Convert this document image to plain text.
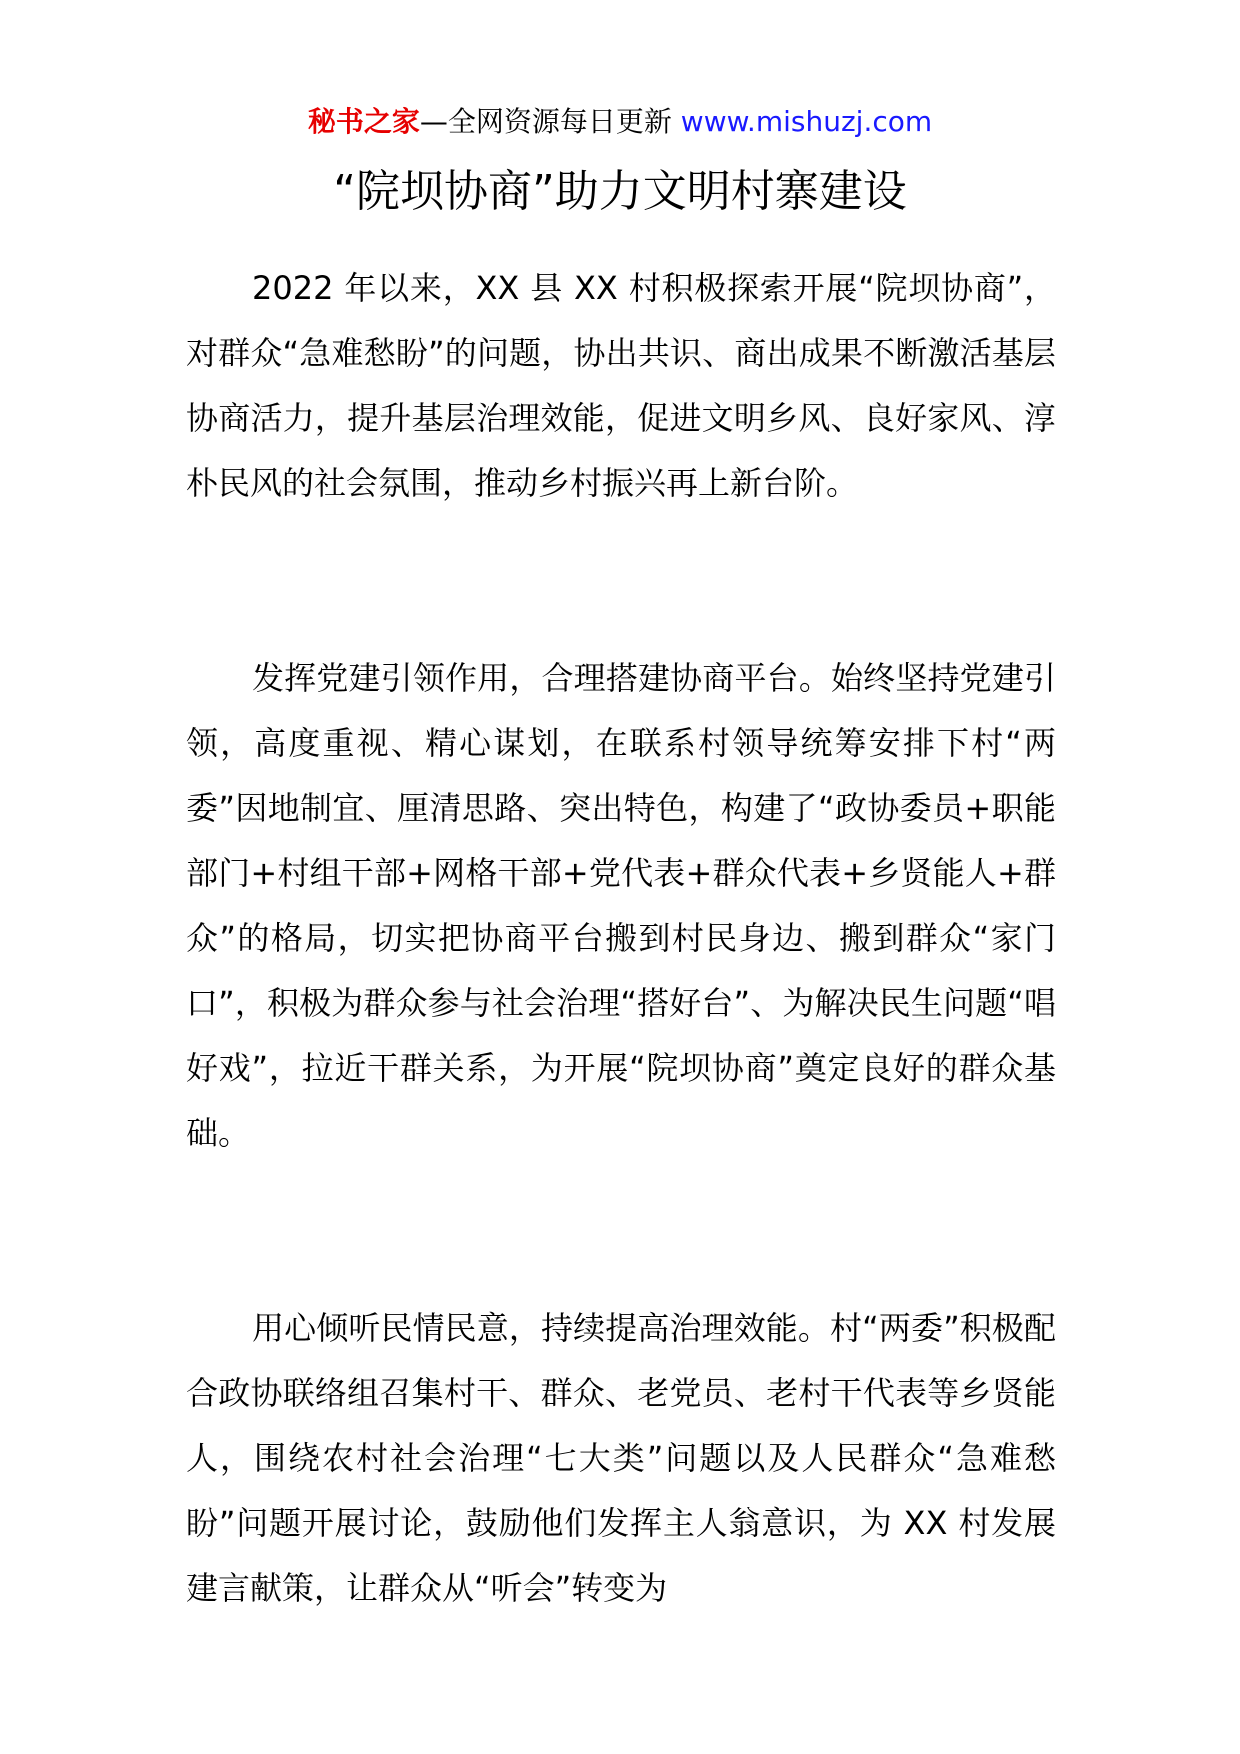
秘书之家—全网资源每日更新 www.mishuzj.com
“院坝协商”助力文明村寨建设

2022 年以来，XX 县 XX 村积极探索开展“院坝协商”，对群众“急难愁盼”的问题，协出共识、商出成果不断激活基层协商活力，提升基层治理效能，促进文明乡风、良好家风、淳朴民风的社会氛围，推动乡村振兴再上新台阶。

发挥党建引领作用，合理搭建协商平台。始终坚持党建引领，高度重视、精心谋划，在联系村领导统筹安排下村“两委”因地制宜、厘清思路、突出特色，构建了“政协委员+职能部门+村组干部+网格干部+党代表+群众代表+乡贤能人+群众”的格局，切实把协商平台搬到村民身边、搬到群众“家门口”，积极为群众参与社会治理“搭好台”、为解决民生问题“唱好戏”，拉近干群关系，为开展“院坝协商”奠定良好的群众基础。

用心倾听民情民意，持续提高治理效能。村“两委”积极配合政协联络组召集村干、群众、老党员、老村干代表等乡贤能人，围绕农村社会治理“七大类”问题以及人民群众“急难愁盼”问题开展讨论，鼓励他们发挥主人翁意识，为 XX 村发展建言献策，让群众从“听会”转变为
